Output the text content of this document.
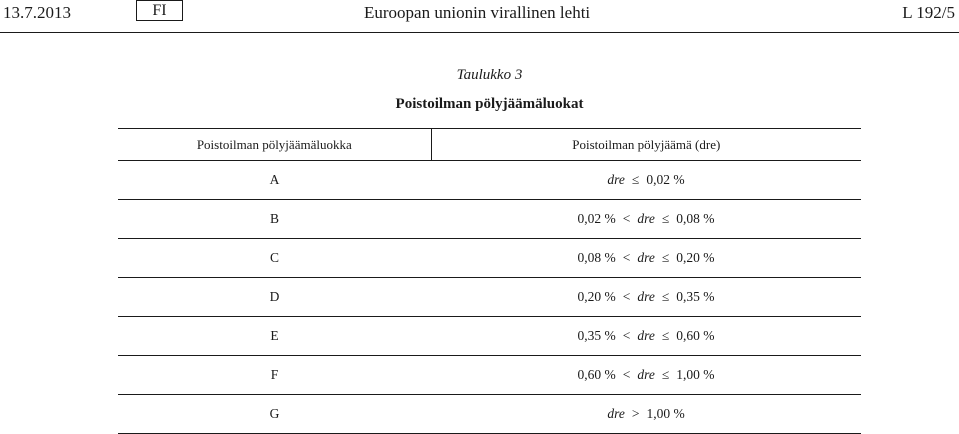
13.7.2013	FI	Euroopan unionin virallinen lehti	L 192/5
Taulukko 3
Poistoilman pölyjäämäluokat
Poistoilman pölyjäämäluokka	Poistoilman pölyjäämä (dre)
A	dre ≤ 0,02 %
B	0,02 % < dre ≤ 0,08 %
C	0,08 % < dre ≤ 0,20 %
D	0,20 % < dre ≤ 0,35 %
E	0,35 % < dre ≤ 0,60 %
F	0,60 % < dre ≤ 1,00 %
G	dre > 1,00 %
